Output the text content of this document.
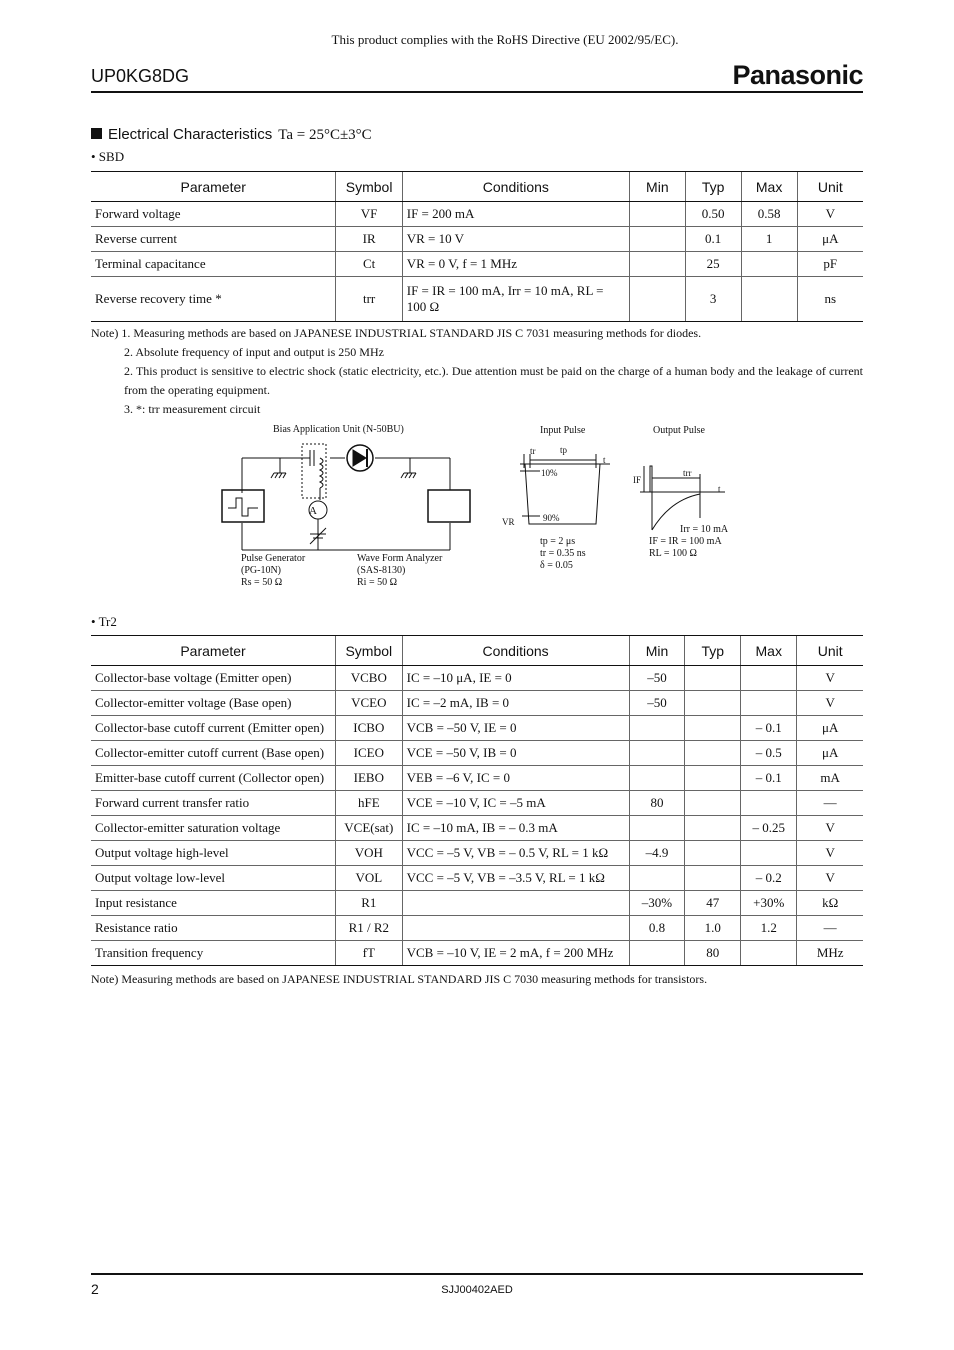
This product complies with the RoHS Directive (EU 2002/95/EC).
UP0KG8DG	Panasonic
Electrical Characteristics Ta = 25°C±3°C
• SBD
Parameter	Symbol	Conditions	Min	Typ	Max	Unit
Forward voltage	VF	IF = 200 mA		0.50	0.58	V
Reverse current	IR	VR = 10 V		0.1	1	μA
Terminal capacitance	Ct	VR = 0 V, f = 1 MHz		25		pF
Reverse recovery time *	trr	IF = IR = 100 mA, Irr = 10 mA, RL = 100 Ω		3		ns
Note) 1. Measuring methods are based on JAPANESE INDUSTRIAL STANDARD JIS C 7031 measuring methods for diodes.
2. Absolute frequency of input and output is 250 MHz
2. This product is sensitive to electric shock (static electricity, etc.). Due attention must be paid on the charge of a human body and the leakage of current from the operating equipment.
3. *: trr measurement circuit
Bias Application Unit (N-50BU)
A
Pulse Generator
(PG-10N)
Rs = 50 Ω
Wave Form Analyzer
(SAS-8130)
Ri = 50 Ω
Input Pulse
tr	tp
t
10%
90%
VR
tp = 2 μs
tr = 0.35 ns
δ = 0.05
Output Pulse
IF
trr
t
Irr = 10 mA
IF = IR = 100 mA
RL = 100 Ω
• Tr2
Parameter	Symbol	Conditions	Min	Typ	Max	Unit
Collector-base voltage (Emitter open)	VCBO	IC = –10 μA, IE = 0	–50			V
Collector-emitter voltage (Base open)	VCEO	IC = –2 mA, IB = 0	–50			V
Collector-base cutoff current (Emitter open)	ICBO	VCB = –50 V, IE = 0			– 0.1	μA
Collector-emitter cutoff current (Base open)	ICEO	VCE = –50 V, IB = 0			– 0.5	μA
Emitter-base cutoff current (Collector open)	IEBO	VEB = –6 V, IC = 0			– 0.1	mA
Forward current transfer ratio	hFE	VCE = –10 V, IC = –5 mA	80			—
Collector-emitter saturation voltage	VCE(sat)	IC = –10 mA, IB = – 0.3 mA			– 0.25	V
Output voltage high-level	VOH	VCC = –5 V, VB = – 0.5 V, RL = 1 kΩ	–4.9			V
Output voltage low-level	VOL	VCC = –5 V, VB = –3.5 V, RL = 1 kΩ			– 0.2	V
Input resistance	R1		–30%	47	+30%	kΩ
Resistance ratio	R1 / R2		0.8	1.0	1.2	—
Transition frequency	fT	VCB = –10 V, IE = 2 mA, f = 200 MHz		80		MHz
Note) Measuring methods are based on JAPANESE INDUSTRIAL STANDARD JIS C 7030 measuring methods for transistors.
2	SJJ00402AED
